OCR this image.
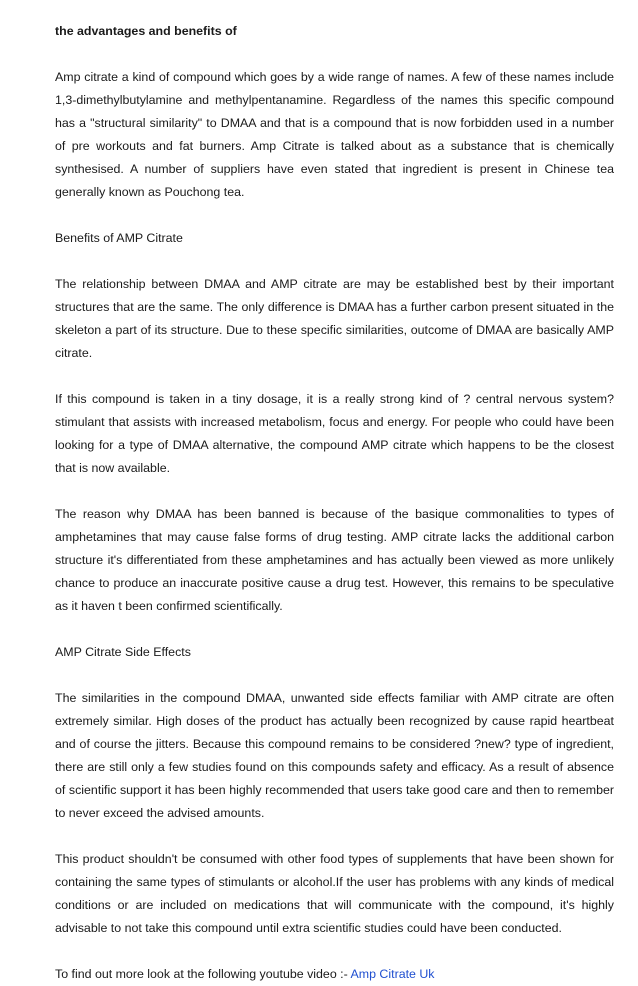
the advantages and benefits of

Amp citrate a kind of compound which goes by a wide range of names. A few of these names include 1,3-dimethylbutylamine and methylpentanamine. Regardless of the names this specific compound has a "structural similarity" to DMAA and that is a compound that is now forbidden used in a number of pre workouts and fat burners. Amp Citrate is talked about as a substance that is chemically synthesised. A number of suppliers have even stated that ingredient is present in Chinese tea generally known as Pouchong tea.

Benefits of AMP Citrate

The relationship between DMAA and AMP citrate are may be established best by their important structures that are the same. The only difference is DMAA has a further carbon present situated in the skeleton a part of its structure. Due to these specific similarities, outcome of DMAA are basically AMP citrate.

If this compound is taken in a tiny dosage, it is a really strong kind of ? central nervous system? stimulant that assists with increased metabolism, focus and energy. For people who could have been looking for a type of DMAA alternative, the compound AMP citrate which happens to be the closest that is now available.

The reason why DMAA has been banned is because of the basique commonalities to types of amphetamines that may cause false forms of drug testing. AMP citrate lacks the additional carbon structure it's differentiated from these amphetamines and has actually been viewed as more unlikely chance to produce an inaccurate positive cause a drug test. However, this remains to be speculative as it haven t been confirmed scientifically.

AMP Citrate Side Effects

The similarities in the compound DMAA, unwanted side effects familiar with AMP citrate are often extremely similar. High doses of the product has actually been recognized by cause rapid heartbeat and of course the jitters. Because this compound remains to be considered ?new? type of ingredient, there are still only a few studies found on this compounds safety and efficacy. As a result of absence of scientific support it has been highly recommended that users take good care and then to remember to never exceed the advised amounts.

This product shouldn't be consumed with other food types of supplements that have been shown for containing the same types of stimulants or alcohol.If the user has problems with any kinds of medical conditions or are included on medications that will communicate with the compound, it's highly advisable to not take this compound until extra scientific studies could have been conducted.

To find out more look at the following youtube video :- Amp Citrate Uk
